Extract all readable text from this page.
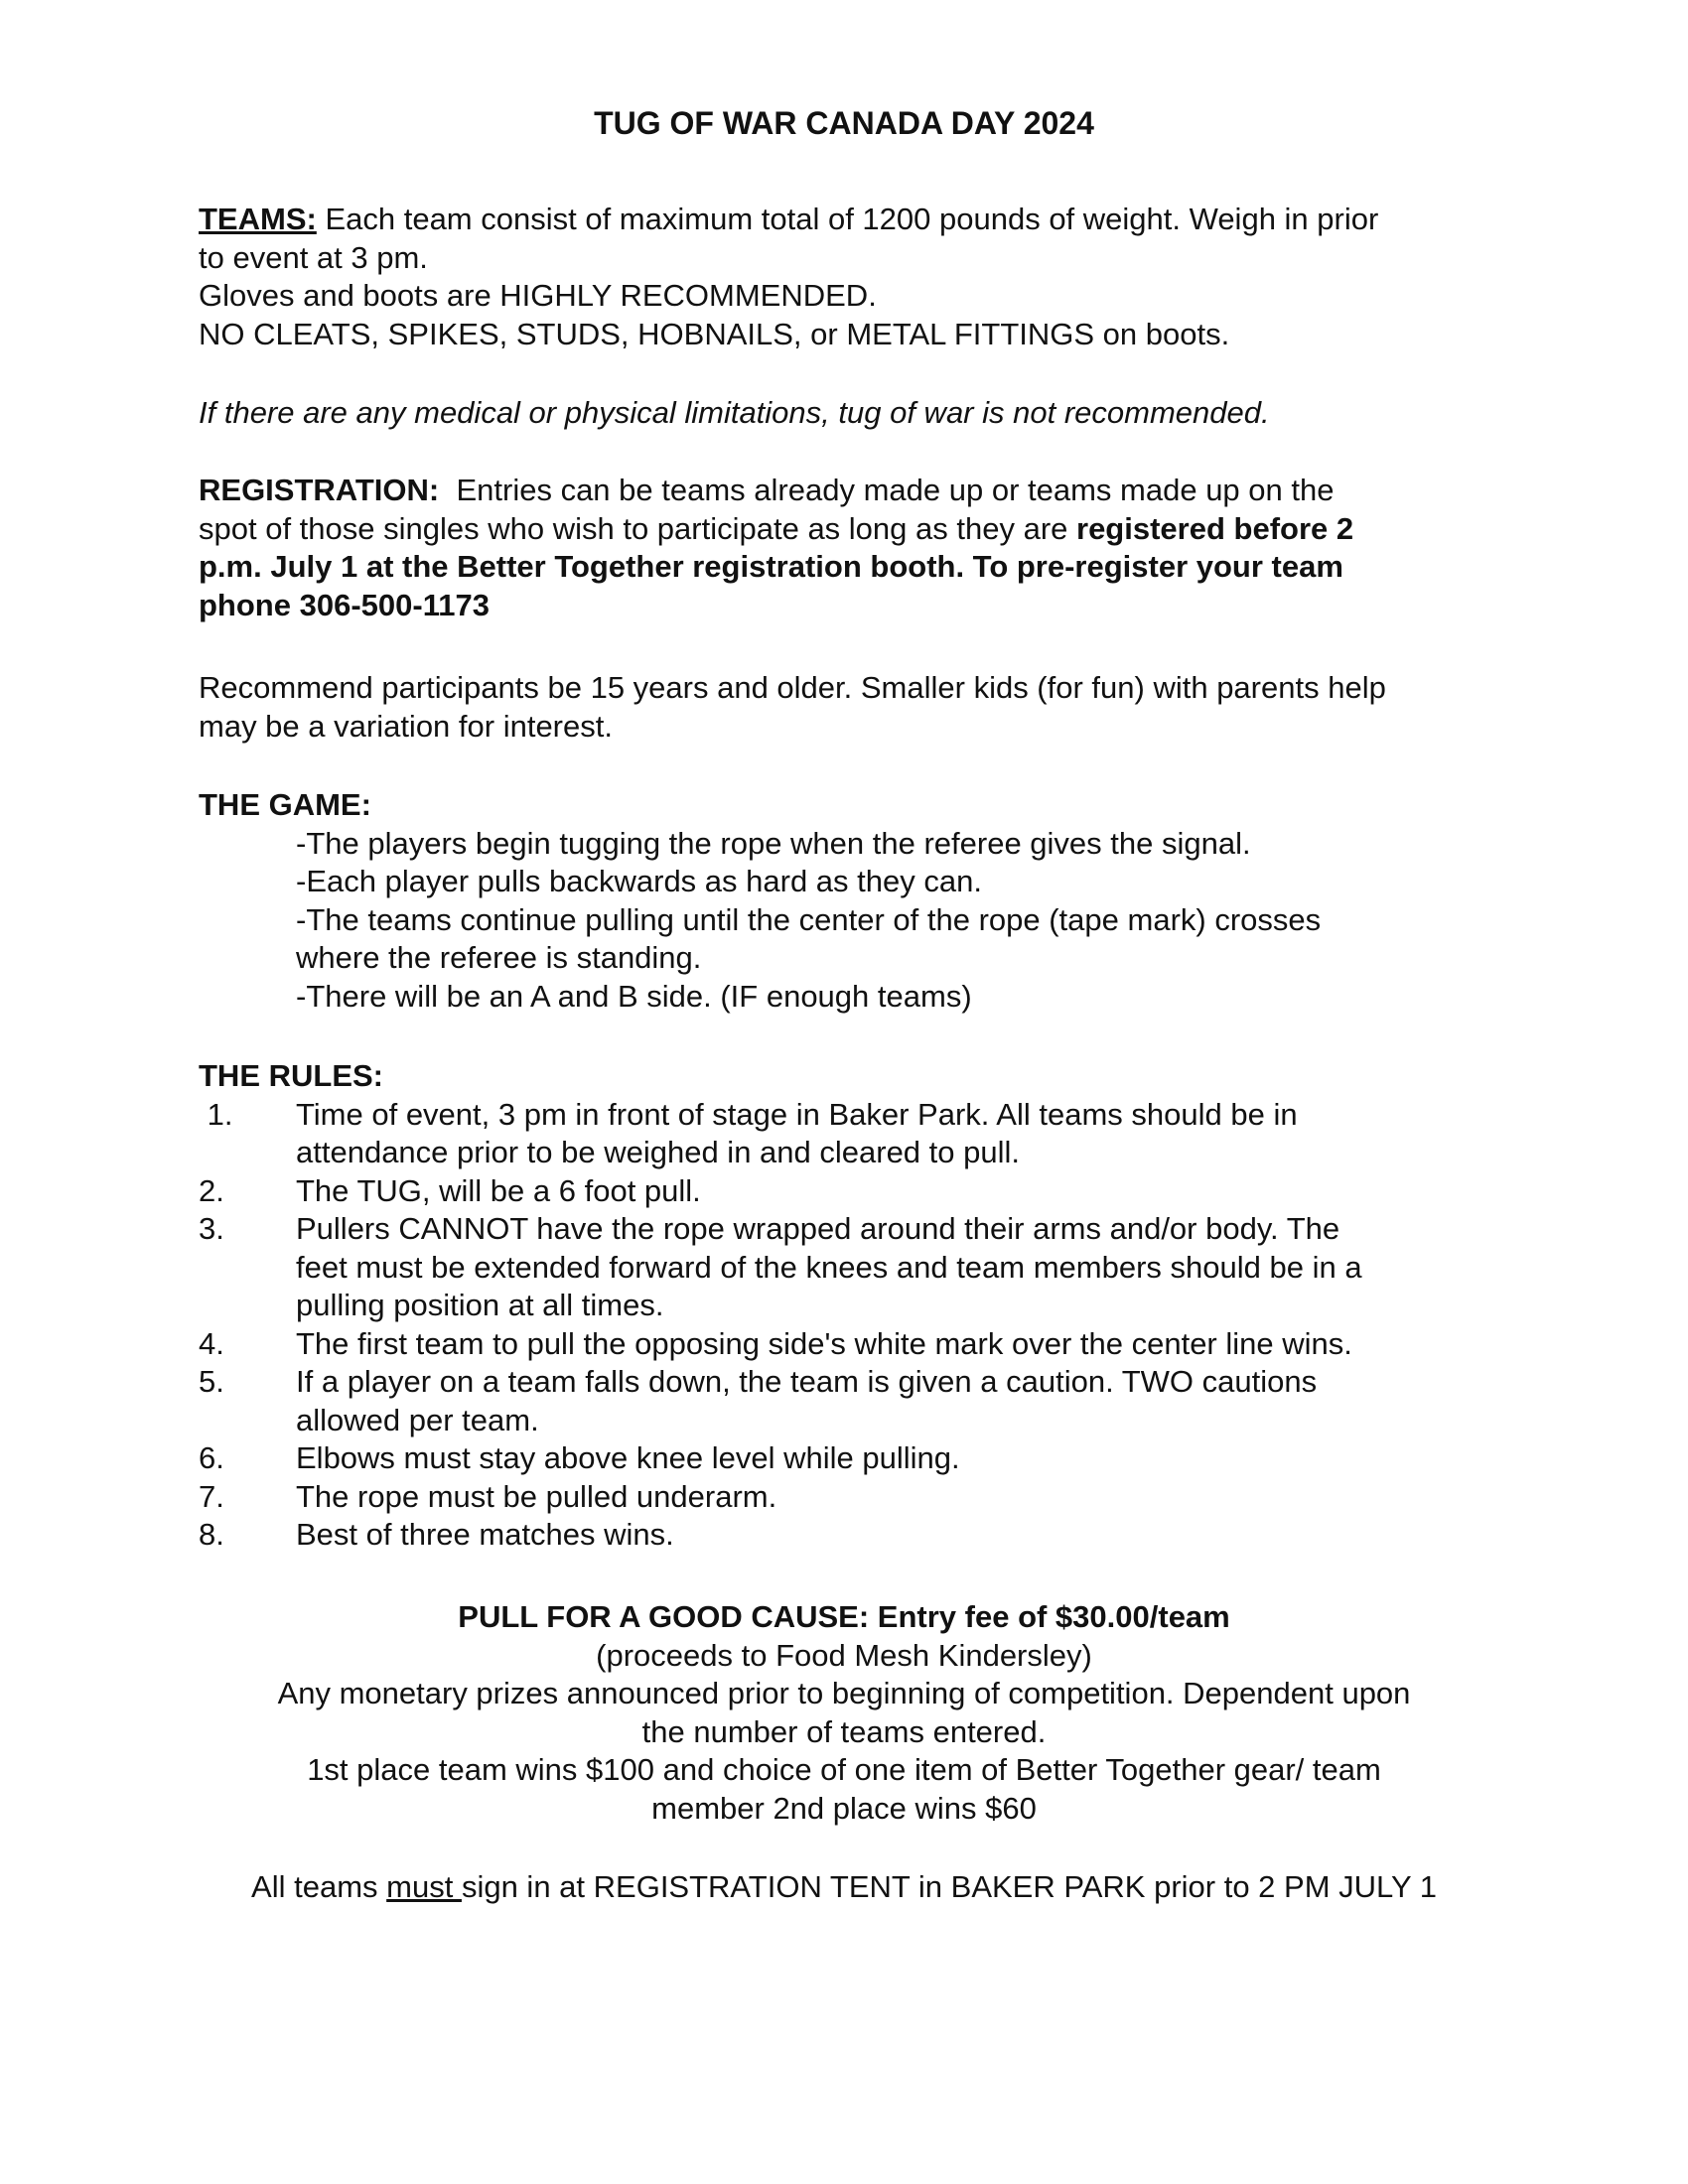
TUG OF WAR CANADA DAY 2024
TEAMS: Each team consist of maximum total of 1200 pounds of weight. Weigh in prior
to event at 3 pm.
Gloves and boots are HIGHLY RECOMMENDED.
NO CLEATS, SPIKES, STUDS, HOBNAILS, or METAL FITTINGS on boots.
If there are any medical or physical limitations, tug of war is not recommended.
REGISTRATION:  Entries can be teams already made up or teams made up on the
spot of those singles who wish to participate as long as they are registered before 2
p.m. July 1 at the Better Together registration booth. To pre-register your team
phone 306-500-1173
Recommend participants be 15 years and older. Smaller kids (for fun) with parents help
may be a variation for interest.
THE GAME:
-The players begin tugging the rope when the referee gives the signal.
-Each player pulls backwards as hard as they can.
-The teams continue pulling until the center of the rope (tape mark) crosses
where the referee is standing.
-There will be an A and B side. (IF enough teams)
THE RULES:
1. Time of event, 3 pm in front of stage in Baker Park. All teams should be in
attendance prior to be weighed in and cleared to pull.
2.	The TUG, will be a 6 foot pull.
3.	Pullers CANNOT have the rope wrapped around their arms and/or body. The
feet must be extended forward of the knees and team members should be in a
pulling position at all times.
4.	The first team to pull the opposing side's white mark over the center line wins.
5.	If a player on a team falls down, the team is given a caution. TWO cautions
allowed per team.
6.	Elbows must stay above knee level while pulling.
7.	The rope must be pulled underarm.
8.	Best of three matches wins.
PULL FOR A GOOD CAUSE: Entry fee of $30.00/team
(proceeds to Food Mesh Kindersley)
Any monetary prizes announced prior to beginning of competition. Dependent upon
the number of teams entered.
1st place team wins $100 and choice of one item of Better Together gear/ team
member 2nd place wins $60
All teams must sign in at REGISTRATION TENT in BAKER PARK prior to 2 PM JULY 1
